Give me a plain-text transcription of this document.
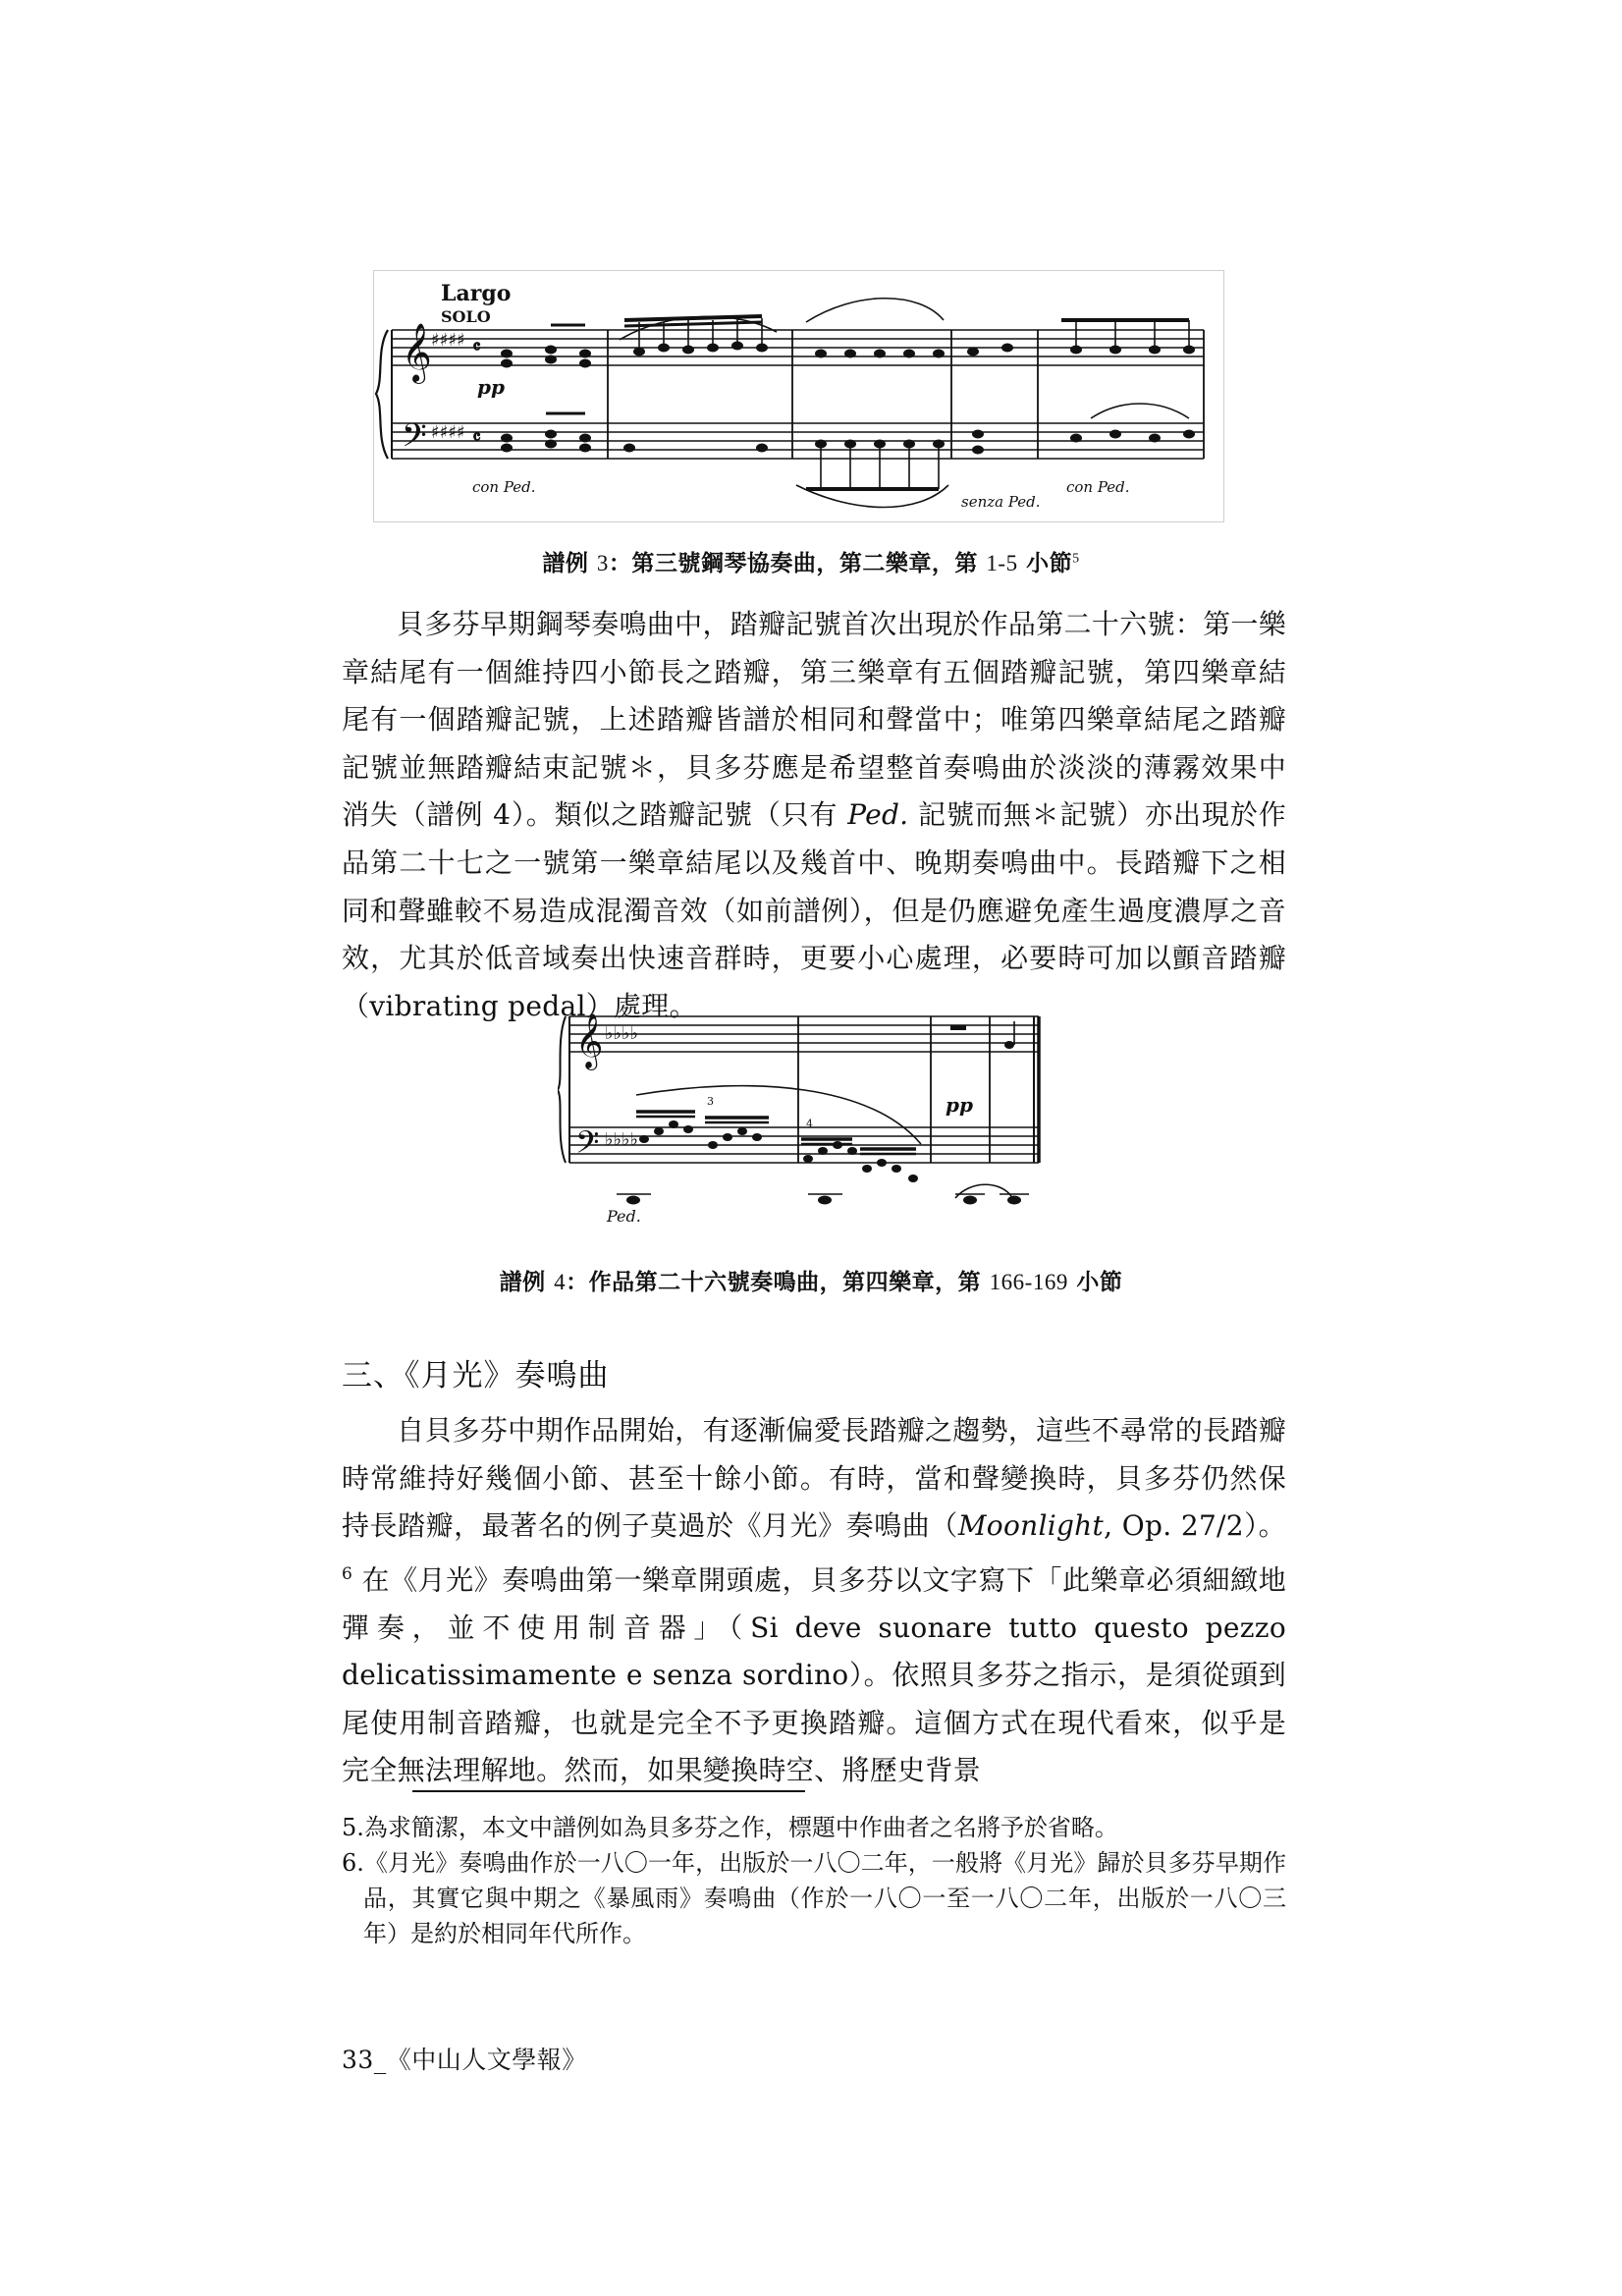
𝄞
𝄢
♯♯♯♯
♯♯♯♯
𝄴
𝄴
Largo
SOLO
pp
con Ped.
senza Ped.
con Ped.
譜例 3：第三號鋼琴協奏曲，第二樂章，第 1-5 小節$^5$

貝多芬早期鋼琴奏鳴曲中，踏瓣記號首次出現於作品第二十六號：第一樂章結尾有一個維持四小節長之踏瓣，第三樂章有五個踏瓣記號，第四樂章結尾有一個踏瓣記號，上述踏瓣皆譜於相同和聲當中；唯第四樂章結尾之踏瓣記號並無踏瓣結束記號＊，貝多芬應是希望整首奏鳴曲於淡淡的薄霧效果中消失（譜例 4）。類似之踏瓣記號（只有 Ped. 記號而無＊記號）亦出現於作品第二十七之一號第一樂章結尾以及幾首中、晚期奏鳴曲中。長踏瓣下之相同和聲雖較不易造成混濁音效（如前譜例），但是仍應避免產生過度濃厚之音效，尤其於低音域奏出快速音群時，更要小心處理，必要時可加以顫音踏瓣（vibrating pedal）處理。

𝄞
𝄢
♭♭♭♭
♭♭♭♭
pp
3
4
Ped.
譜例 4：作品第二十六號奏鳴曲，第四樂章，第 166-169 小節
三、《月光》奏鳴曲

自貝多芬中期作品開始，有逐漸偏愛長踏瓣之趨勢，這些不尋常的長踏瓣時常維持好幾個小節、甚至十餘小節。有時，當和聲變換時，貝多芬仍然保持長踏瓣，最著名的例子莫過於《月光》奏鳴曲（Moonlight, Op. 27/2）。$^6$ 在《月光》奏鳴曲第一樂章開頭處，貝多芬以文字寫下「此樂章必須細緻地彈奏，並不使用制音器」（Si deve suonare tutto questo pezzo delicatissimamente e senza sordino）。依照貝多芬之指示，是須從頭到尾使用制音踏瓣，也就是完全不予更換踏瓣。這個方式在現代看來，似乎是完全無法理解地。然而，如果變換時空、將歷史背景

5.為求簡潔，本文中譜例如為貝多芬之作，標題中作曲者之名將予於省略。

6.《月光》奏鳴曲作於一八〇一年，出版於一八〇二年，一般將《月光》歸於貝多芬早期作品，其實它與中期之《暴風雨》奏鳴曲（作於一八〇一至一八〇二年，出版於一八〇三年）是約於相同年代所作。

33_《中山人文學報》
